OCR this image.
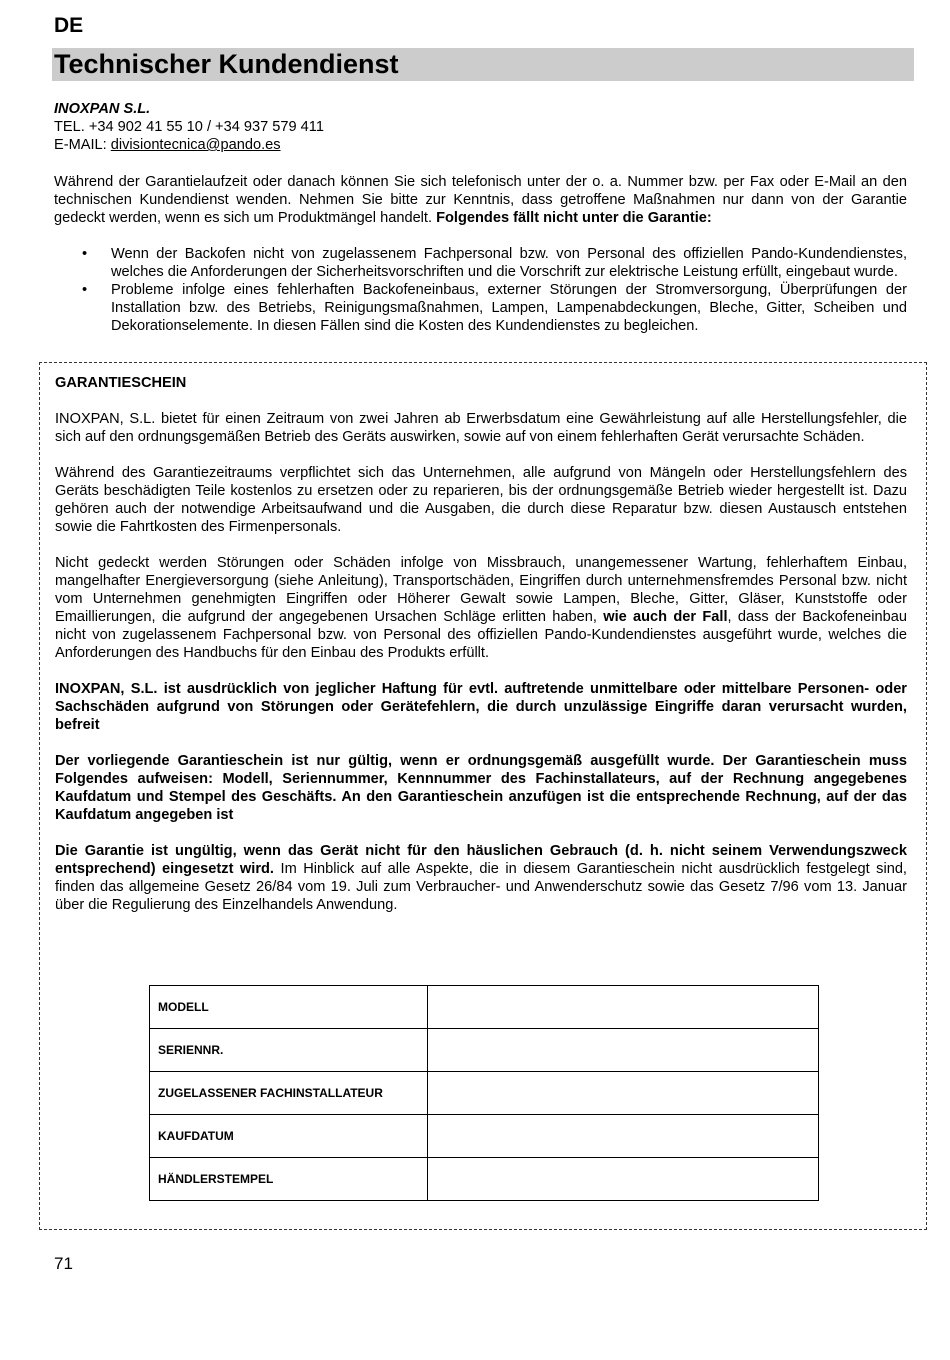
DE
Technischer Kundendienst
INOXPAN S.L.
TEL. +34 902 41 55 10 / +34 937 579 411
E-MAIL: divisiontecnica@pando.es

Während der Garantielaufzeit oder danach können Sie sich telefonisch unter der o. a. Nummer bzw. per Fax oder E-Mail an den technischen Kundendienst wenden. Nehmen Sie bitte zur Kenntnis, dass getroffene Maßnahmen nur dann von der Garantie gedeckt werden, wenn es sich um Produktmängel handelt. Folgendes fällt nicht unter die Garantie:

• Wenn der Backofen nicht von zugelassenem Fachpersonal bzw. von Personal des offiziellen Pando-Kundendienstes, welches die Anforderungen der Sicherheitsvorschriften und die Vorschrift zur elektrische Leistung erfüllt, eingebaut wurde.
• Probleme infolge eines fehlerhaften Backofeneinbaus, externer Störungen der Stromversorgung, Überprüfungen der Installation bzw. des Betriebs, Reinigungsmaßnahmen, Lampen, Lampenabdeckungen, Bleche, Gitter, Scheiben und Dekorationselemente. In diesen Fällen sind die Kosten des Kundendienstes zu begleichen.

GARANTIESCHEIN

INOXPAN, S.L. bietet für einen Zeitraum von zwei Jahren ab Erwerbsdatum eine Gewährleistung auf alle Herstellungsfehler, die sich auf den ordnungsgemäßen Betrieb des Geräts auswirken, sowie auf von einem fehlerhaften Gerät verursachte Schäden.

Während des Garantiezeitraums verpflichtet sich das Unternehmen, alle aufgrund von Mängeln oder Herstellungsfehlern des Geräts beschädigten Teile kostenlos zu ersetzen oder zu reparieren, bis der ordnungsgemäße Betrieb wieder hergestellt ist. Dazu gehören auch der notwendige Arbeitsaufwand und die Ausgaben, die durch diese Reparatur bzw. diesen Austausch entstehen sowie die Fahrtkosten des Firmenpersonals.

Nicht gedeckt werden Störungen oder Schäden infolge von Missbrauch, unangemessener Wartung, fehlerhaftem Einbau, mangelhafter Energieversorgung (siehe Anleitung), Transportschäden, Eingriffen durch unternehmensfremdes Personal bzw. nicht vom Unternehmen genehmigten Eingriffen oder Höherer Gewalt sowie Lampen, Bleche, Gitter, Gläser, Kunststoffe oder Emaillierungen, die aufgrund der angegebenen Ursachen Schläge erlitten haben, wie auch der Fall, dass der Backofeneinbau nicht von zugelassenem Fachpersonal bzw. von Personal des offiziellen Pando-Kundendienstes ausgeführt wurde, welches die Anforderungen des Handbuchs für den Einbau des Produkts erfüllt.

INOXPAN, S.L. ist ausdrücklich von jeglicher Haftung für evtl. auftretende unmittelbare oder mittelbare Personen- oder Sachschäden aufgrund von Störungen oder Gerätefehlern, die durch unzulässige Eingriffe daran verursacht wurden, befreit

Der vorliegende Garantieschein ist nur gültig, wenn er ordnungsgemäß ausgefüllt wurde. Der Garantieschein muss Folgendes aufweisen: Modell, Seriennummer, Kennnummer des Fachinstallateurs, auf der Rechnung angegebenes Kaufdatum und Stempel des Geschäfts. An den Garantieschein anzufügen ist die entsprechende Rechnung, auf der das Kaufdatum angegeben ist

Die Garantie ist ungültig, wenn das Gerät nicht für den häuslichen Gebrauch (d. h. nicht seinem Verwendungszweck entsprechend) eingesetzt wird. Im Hinblick auf alle Aspekte, die in diesem Garantieschein nicht ausdrücklich festgelegt sind, finden das allgemeine Gesetz 26/84 vom 19. Juli zum Verbraucher- und Anwenderschutz sowie das Gesetz 7/96 vom 13. Januar über die Regulierung des Einzelhandels Anwendung.

MODELL	
SERIENNR.	
ZUGELASSENER FACHINSTALLATEUR	
KAUFDATUM	
HÄNDLERSTEMPEL	
71
